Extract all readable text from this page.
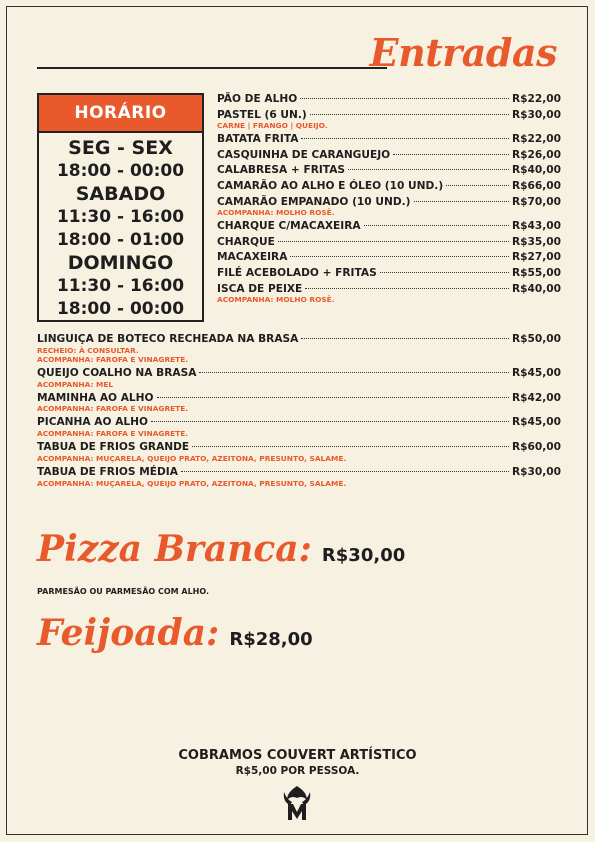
Entradas
HORÁRIO
SEG - SEX
18:00 - 00:00
SABADO
11:30 - 16:00
18:00 - 01:00
DOMINGO
11:30 - 16:00
18:00 - 00:00
PÃO DE ALHO	R$22,00
PASTEL (6 UN.)	R$30,00
CARNE | FRANGO | QUEIJO.
BATATA FRITA	R$22,00
CASQUINHA DE CARANGUEJO	R$26,00
CALABRESA + FRITAS	R$40,00
CAMARÃO AO ALHO E ÓLEO (10 UND.)	R$66,00
CAMARÃO EMPANADO (10 UND.)	R$70,00
ACOMPANHA: MOLHO ROSÊ.
CHARQUE C/MACAXEIRA	R$43,00
CHARQUE	R$35,00
MACAXEIRA	R$27,00
FILÉ ACEBOLADO + FRITAS	R$55,00
ISCA DE PEIXE	R$40,00
ACOMPANHA: MOLHO ROSÊ.
LINGUIÇA DE BOTECO RECHEADA NA BRASA	R$50,00
RECHEIO: À CONSULTAR.
ACOMPANHA: FAROFA E VINAGRETE.
QUEIJO COALHO NA BRASA	R$45,00
ACOMPANHA: MEL
MAMINHA AO ALHO	R$42,00
ACOMPANHA: FAROFA E VINAGRETE.
PICANHA AO ALHO	R$45,00
ACOMPANHA: FAROFA E VINAGRETE.
TABUA DE FRIOS GRANDE	R$60,00
ACOMPANHA: MUÇARELA, QUEIJO PRATO, AZEITONA, PRESUNTO, SALAME.
TABUA DE FRIOS MÉDIA	R$30,00
ACOMPANHA: MUÇARELA, QUEIJO PRATO, AZEITONA, PRESUNTO, SALAME.
Pizza Branca: R$30,00
PARMESÃO OU PARMESÃO COM ALHO.
Feijoada: R$28,00
COBRAMOS COUVERT ARTÍSTICO
R$5,00 POR PESSOA.
